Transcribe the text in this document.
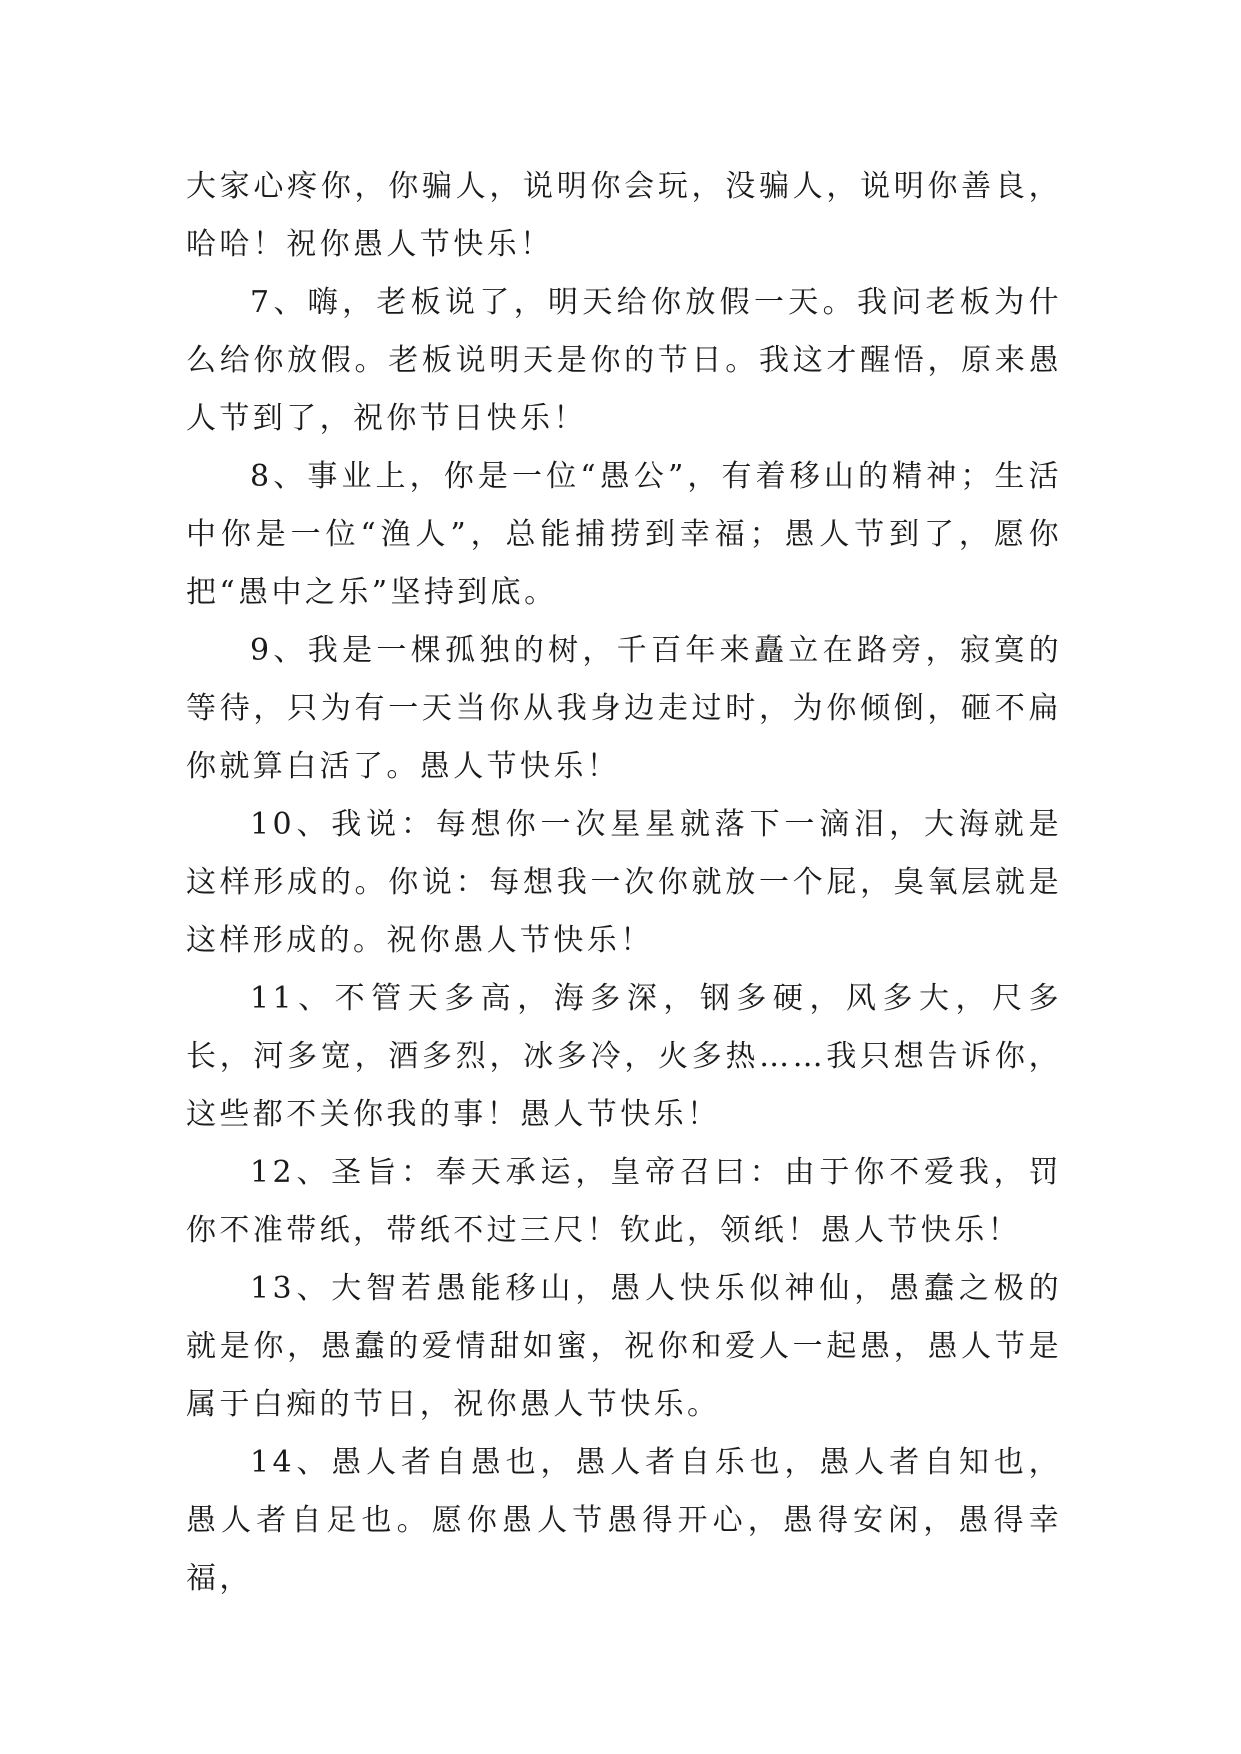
大家心疼你，你骗人，说明你会玩，没骗人，说明你善良，哈哈！祝你愚人节快乐！

7、嗨，老板说了，明天给你放假一天。我问老板为什么给你放假。老板说明天是你的节日。我这才醒悟，原来愚人节到了，祝你节日快乐！

8、事业上，你是一位“愚公”，有着移山的精神；生活中你是一位“渔人”，总能捕捞到幸福；愚人节到了，愿你把“愚中之乐”坚持到底。

9、我是一棵孤独的树，千百年来矗立在路旁，寂寞的等待，只为有一天当你从我身边走过时，为你倾倒，砸不扁你就算白活了。愚人节快乐！

10、我说：每想你一次星星就落下一滴泪，大海就是这样形成的。你说：每想我一次你就放一个屁，臭氧层就是这样形成的。祝你愚人节快乐！

11、不管天多高，海多深，钢多硬，风多大，尺多长，河多宽，酒多烈，冰多冷，火多热……我只想告诉你，这些都不关你我的事！愚人节快乐！

12、圣旨：奉天承运，皇帝召曰：由于你不爱我，罚你不准带纸，带纸不过三尺！钦此，领纸！愚人节快乐！

13、大智若愚能移山，愚人快乐似神仙，愚蠢之极的就是你，愚蠢的爱情甜如蜜，祝你和爱人一起愚，愚人节是属于白痴的节日，祝你愚人节快乐。

14、愚人者自愚也，愚人者自乐也，愚人者自知也，愚人者自足也。愿你愚人节愚得开心，愚得安闲，愚得幸福，
